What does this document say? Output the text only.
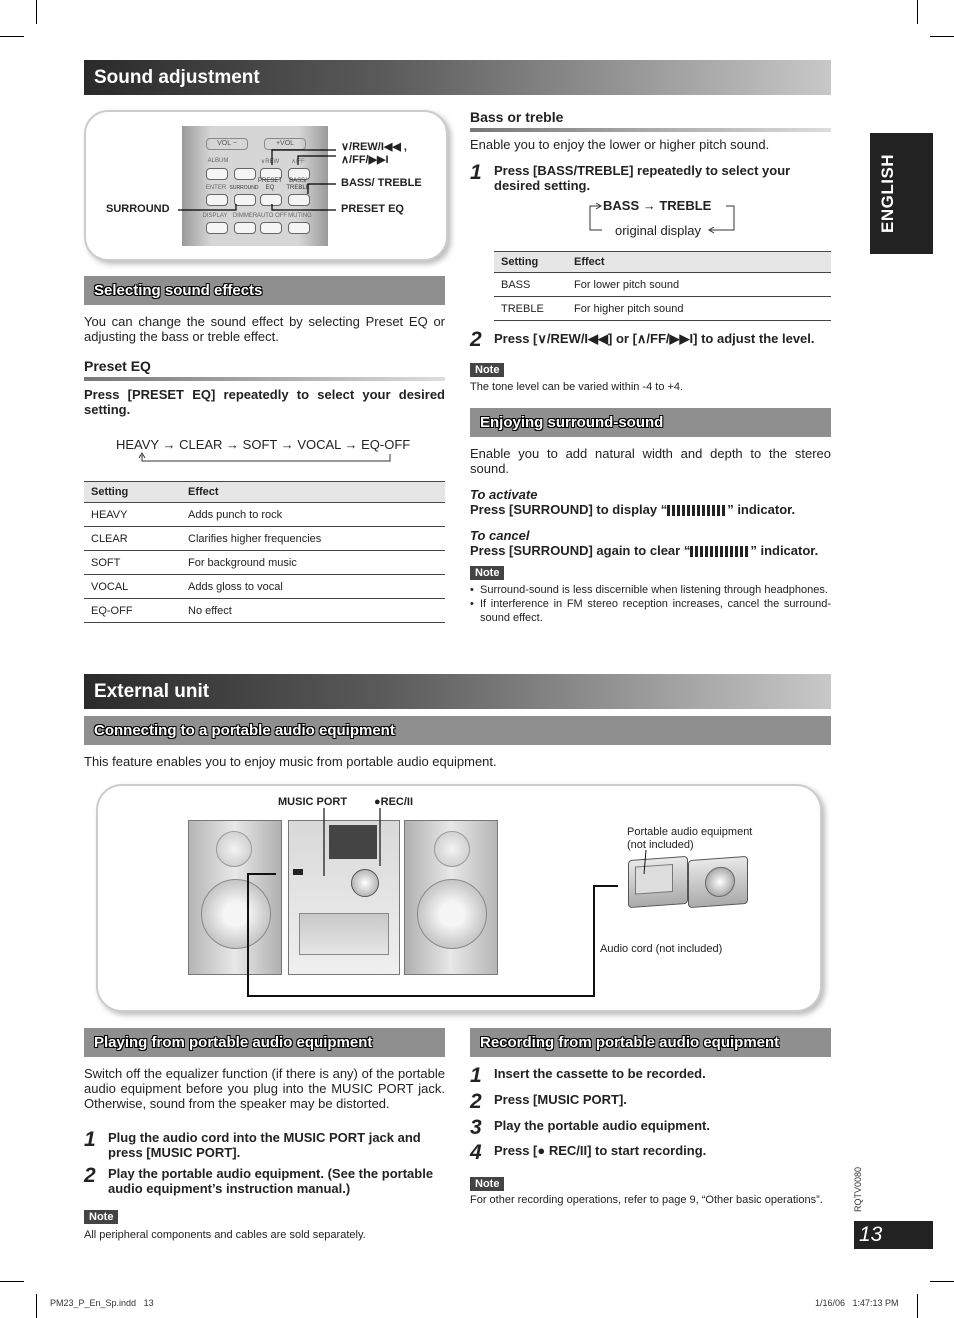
Sound adjustment
VOL −	+VOL
ALBUM	∨REW	∧/FF
ENTER SURROUND
PRESET EQ
BASS/ TREBLE
DISPLAY DIMMER AUTO OFF MUTING
∨/REW/I◀◀ ,
∧/FF/▶▶I
BASS/ TREBLE
PRESET EQ
SURROUND
Selecting sound effects
You can change the sound effect by selecting Preset EQ or adjusting the bass or treble effect.
Preset EQ
Press [PRESET EQ] repeatedly to select your desired setting.
HEAVY → CLEAR → SOFT → VOCAL → EQ-OFF
Setting	Effect
HEAVY	Adds punch to rock
CLEAR	Clarifies higher frequencies
SOFT	For background music
VOCAL	Adds gloss to vocal
EQ-OFF	No effect
Bass or treble
Enable you to enjoy the lower or higher pitch sound.
1 Press [BASS/TREBLE] repeatedly to select your desired setting.
BASS → TREBLE
original display
Setting	Effect
BASS	For lower pitch sound
TREBLE	For higher pitch sound
2 Press [∨/REW/I◀◀] or [∧/FF/▶▶I] to adjust the level.
Note
The tone level can be varied within -4 to +4.
Enjoying surround-sound
Enable you to add natural width and depth to the stereo sound.
To activate
Press [SURROUND] to display “	” indicator.
To cancel
Press [SURROUND] again to clear “	” indicator.
Note
• Surround-sound is less discernible when listening through headphones.
• If interference in FM stereo reception increases, cancel the surround-sound effect.
External unit
Connecting to a portable audio equipment
This feature enables you to enjoy music from portable audio equipment.
MUSIC PORT ●REC/II
Portable audio equipment
(not included)
Audio cord (not included)
Playing from portable audio equipment
Switch off the equalizer function (if there is any) of the portable audio equipment before you plug into the MUSIC PORT jack. Otherwise, sound from the speaker may be distorted.
1 Plug the audio cord into the MUSIC PORT jack and press [MUSIC PORT].
2 Play the portable audio equipment. (See the portable audio equipment’s instruction manual.)
Note
All peripheral components and cables are sold separately.
Recording from portable audio equipment
1 Insert the cassette to be recorded.
2 Press [MUSIC PORT].
3 Play the portable audio equipment.
4 Press [● REC/II] to start recording.
Note
For other recording operations, refer to page 9, “Other basic operations”.
ENGLISH
RQTV0080
13
PM23_P_En_Sp.indd   13	1/16/06   1:47:13 PM
